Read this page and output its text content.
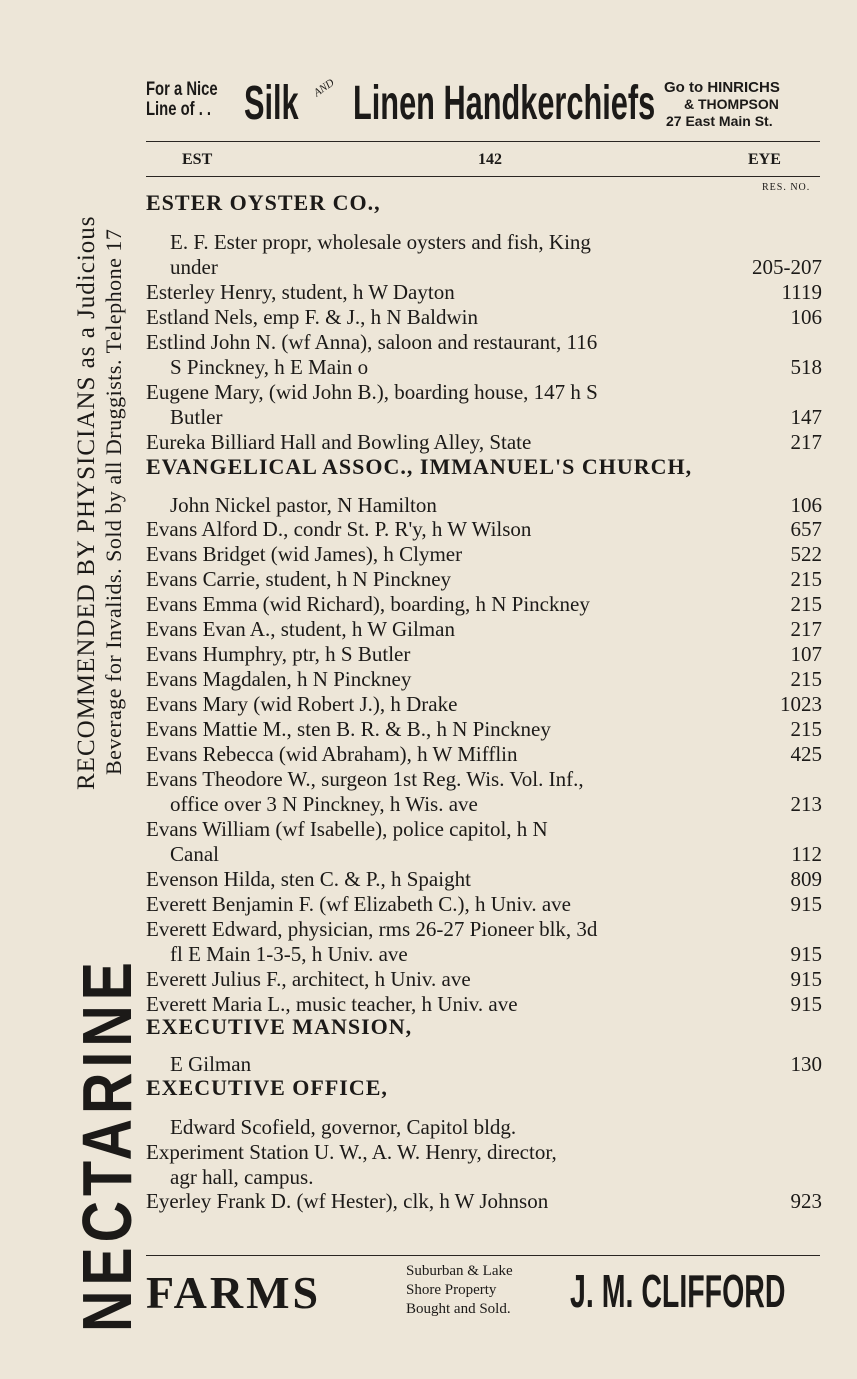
NECTARINE
RECOMMENDED BY PHYSICIANS as a Judicious Beverage for Invalids. Sold by all Druggists. Telephone 17
For a Nice
Line of . . Silk AND Linen Handkerchiefs Go to HINRICHS
& THOMPSON
27 East Main St.
EST	142	EYE
RES. NO.
ESTER OYSTER CO.,
E. F. Ester propr, wholesale oysters and fish, King
under	205-207
Esterley Henry, student, h W Dayton	1119
Estland Nels, emp F. & J., h N Baldwin	106
Estlind John N. (wf Anna), saloon and restaurant, 116
S Pinckney, h E Main o	518
Eugene Mary, (wid John B.), boarding house, 147 h S
Butler	147
Eureka Billiard Hall and Bowling Alley, State	217
EVANGELICAL ASSOC., IMMANUEL'S CHURCH,
John Nickel pastor, N Hamilton	106
Evans Alford D., condr St. P. R'y, h W Wilson	657
Evans Bridget (wid James), h Clymer	522
Evans Carrie, student, h N Pinckney	215
Evans Emma (wid Richard), boarding, h N Pinckney	215
Evans Evan A., student, h W Gilman	217
Evans Humphry, ptr, h S Butler	107
Evans Magdalen, h N Pinckney	215
Evans Mary (wid Robert J.), h Drake	1023
Evans Mattie M., sten B. R. & B., h N Pinckney	215
Evans Rebecca (wid Abraham), h W Mifflin	425
Evans Theodore W., surgeon 1st Reg. Wis. Vol. Inf.,
office over 3 N Pinckney, h Wis. ave	213
Evans William (wf Isabelle), police capitol, h N
Canal	112
Evenson Hilda, sten C. & P., h Spaight	809
Everett Benjamin F. (wf Elizabeth C.), h Univ. ave	915
Everett Edward, physician, rms 26-27 Pioneer blk, 3d
fl E Main 1-3-5, h Univ. ave	915
Everett Julius F., architect, h Univ. ave	915
Everett Maria L., music teacher, h Univ. ave	915
EXECUTIVE MANSION,
E Gilman	130
EXECUTIVE OFFICE,
Edward Scofield, governor, Capitol bldg.
Experiment Station U. W., A. W. Henry, director,
agr hall, campus.
Eyerley Frank D. (wf Hester), clk, h W Johnson	923
FARMS	Suburban & Lake
Shore Property
Bought and Sold. J. M. CLIFFORD
